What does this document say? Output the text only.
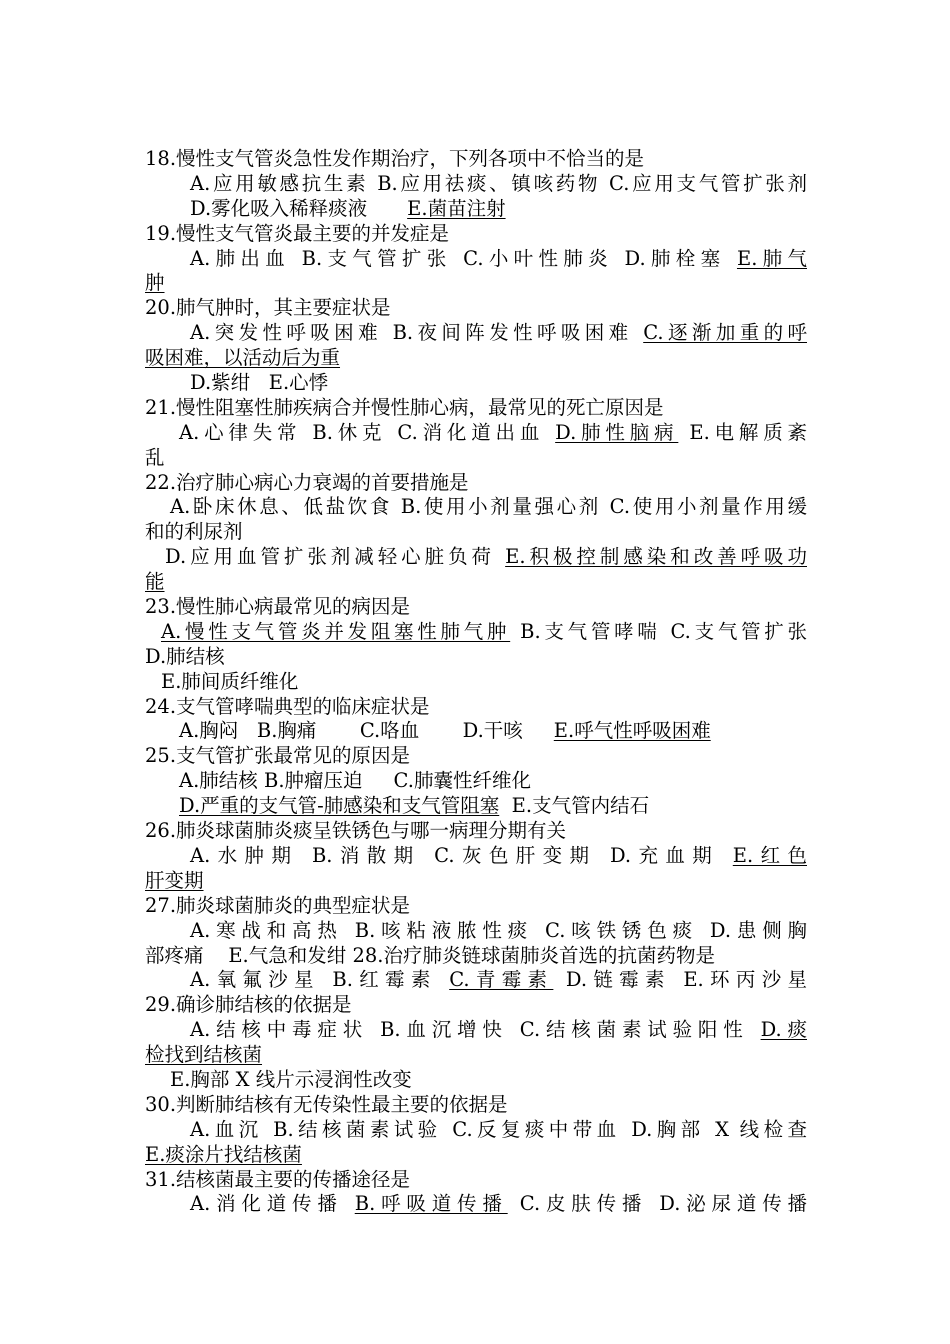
18.慢性支气管炎急性发作期治疗，下列各项中不恰当的是
A.应用敏感抗生素 B.应用祛痰、镇咳药物 C.应用支气管扩张剂
D.雾化吸入稀释痰液 E.菌苗注射
19.慢性支气管炎最主要的并发症是
A.肺出血 B.支气管扩张 C.小叶性肺炎 D.肺栓塞 E.肺气
肿
20.肺气肿时，其主要症状是
A.突发性呼吸困难 B.夜间阵发性呼吸困难 C.逐渐加重的呼
吸困难，以活动后为重
D.紫绀 E.心悸
21.慢性阻塞性肺疾病合并慢性肺心病，最常见的死亡原因是
A.心律失常 B.休克 C.消化道出血 D.肺性脑病 E.电解质紊
乱
22.治疗肺心病心力衰竭的首要措施是
A.卧床休息、低盐饮食 B.使用小剂量强心剂 C.使用小剂量作用缓
和的利尿剂
D.应用血管扩张剂减轻心脏负荷 E.积极控制感染和改善呼吸功
能
23.慢性肺心病最常见的病因是
A.慢性支气管炎并发阻塞性肺气肿 B.支气管哮喘 C.支气管扩张
D.肺结核
E.肺间质纤维化
24.支气管哮喘典型的临床症状是
A.胸闷 B.胸痛 C.咯血 D.干咳 E.呼气性呼吸困难
25.支气管扩张最常见的原因是
A.肺结核 B.肿瘤压迫 C.肺囊性纤维化
D.严重的支气管-肺感染和支气管阻塞 E.支气管内结石
26.肺炎球菌肺炎痰呈铁锈色与哪一病理分期有关
A.水肿期 B.消散期 C.灰色肝变期 D.充血期 E.红色
肝变期
27.肺炎球菌肺炎的典型症状是
A.寒战和高热 B.咳粘液脓性痰 C.咳铁锈色痰 D.患侧胸
部疼痛 E.气急和发绀 28.治疗肺炎链球菌肺炎首选的抗菌药物是
A.氧氟沙星 B.红霉素 C.青霉素 D.链霉素 E.环丙沙星
29.确诊肺结核的依据是
A.结核中毒症状 B.血沉增快 C.结核菌素试验阳性 D.痰
检找到结核菌
E.胸部 X 线片示浸润性改变
30.判断肺结核有无传染性最主要的依据是
A.血沉 B.结核菌素试验 C.反复痰中带血 D.胸部 X 线检查
E.痰涂片找结核菌
31.结核菌最主要的传播途径是
A.消化道传播 B.呼吸道传播 C.皮肤传播 D.泌尿道传播
